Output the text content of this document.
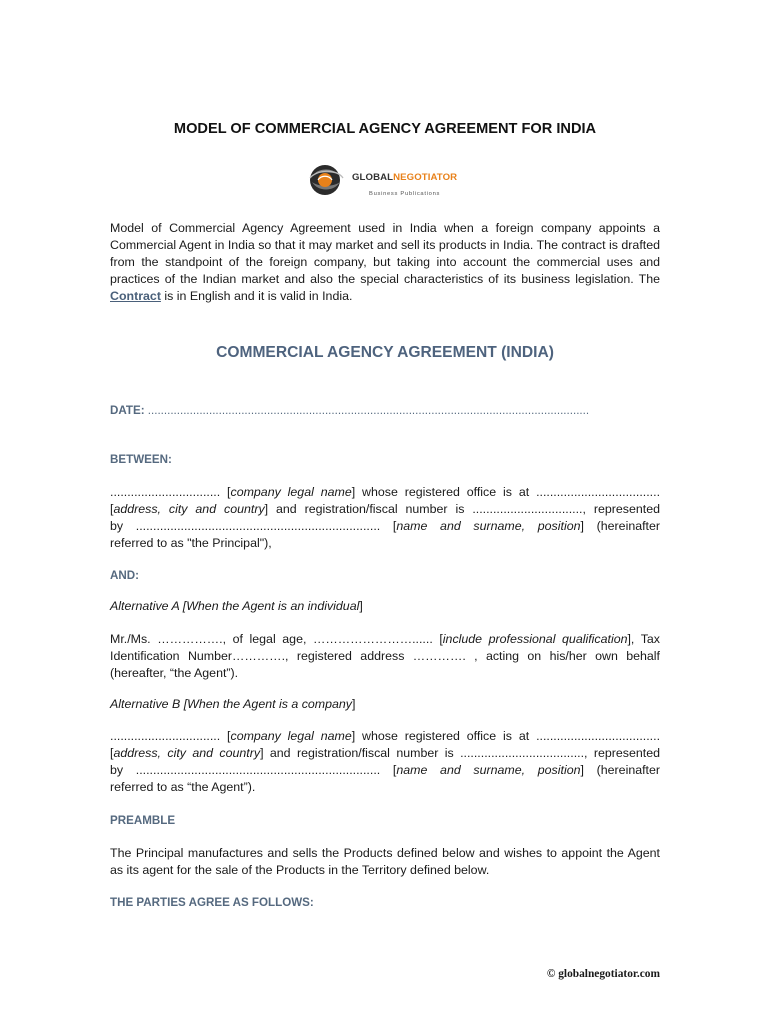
MODEL OF COMMERCIAL AGENCY AGREEMENT FOR INDIA
GLOBALNEGOTIATOR
Business Publications

Model of Commercial Agency Agreement used in India when a foreign company appoints a Commercial Agent in India so that it may market and sell its products in India. The contract is drafted from the standpoint of the foreign company, but taking into account the commercial uses and practices of the Indian market and also the special characteristics of its business legislation. The Contract is in English and it is valid in India.

COMMERCIAL AGENCY AGREEMENT (INDIA)
DATE: .........................................................................................................................................
BETWEEN:

................................ [company legal name] whose registered office is at ....................................

[address, city and country] and registration/fiscal number is ................................, represented

by ....................................................................... [name and surname, position] (hereinafter

referred to as "the Principal"),

AND:
Alternative A [When the Agent is an individual]

Mr./Ms. ……………., of legal age, ……………………...... [include professional qualification], Tax Identification Number…………., registered address …………. , acting on his/her own behalf (hereafter, “the Agent”).

Alternative B [When the Agent is a company]

................................ [company legal name] whose registered office is at ....................................

[address, city and country] and registration/fiscal number is ...................................., represented

by ....................................................................... [name and surname, position] (hereinafter

referred to as “the Agent”).

PREAMBLE

The Principal manufactures and sells the Products defined below and wishes to appoint the Agent as its agent for the sale of the Products in the Territory defined below.

THE PARTIES AGREE AS FOLLOWS:
© globalnegotiator.com
